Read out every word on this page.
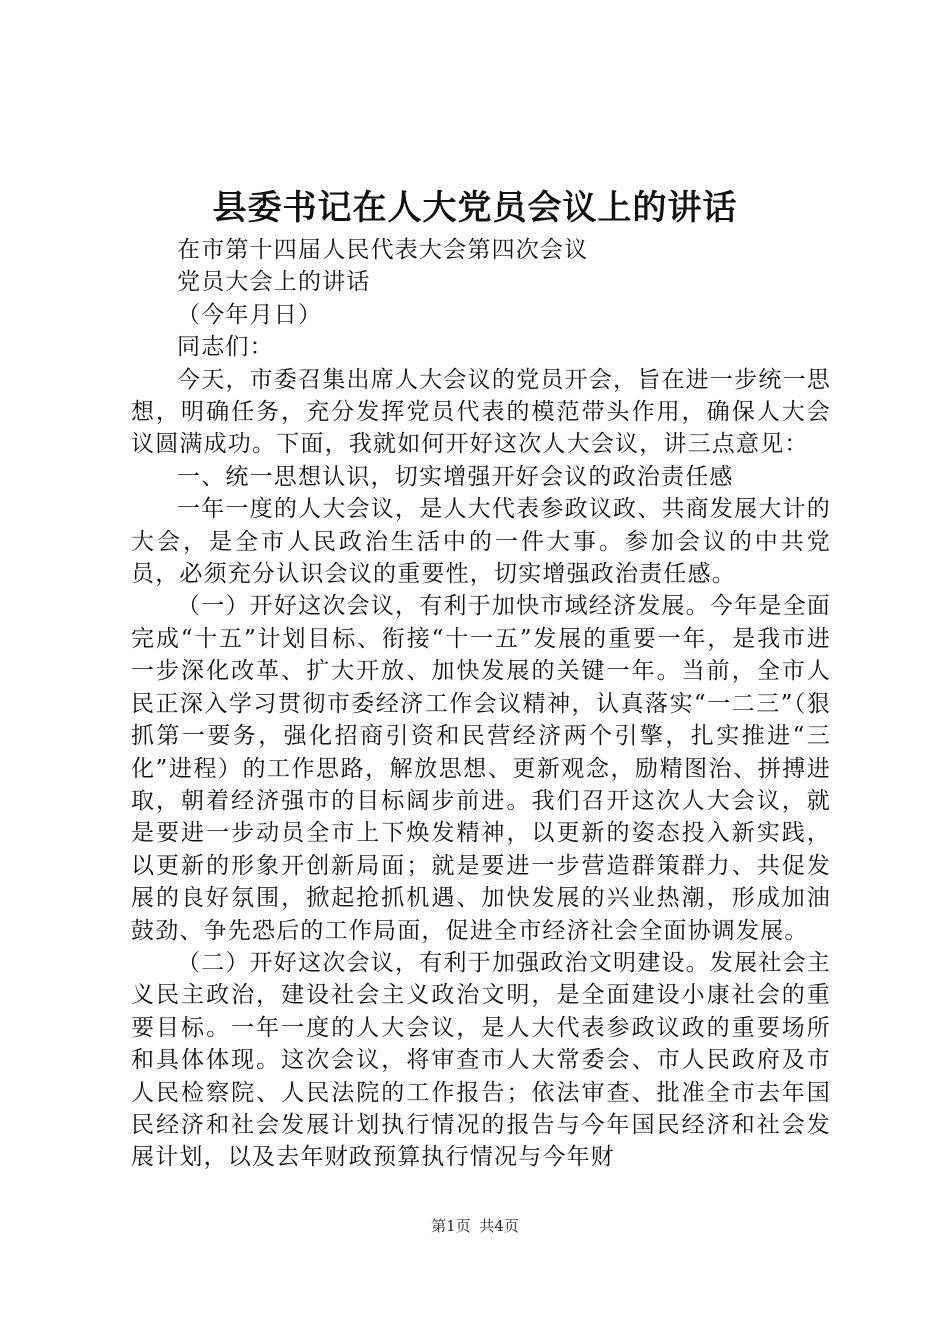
县委书记在人大党员会议上的讲话

在市第十四届人民代表大会第四次会议

党员大会上的讲话

（今年月日）

同志们：

今天，市委召集出席人大会议的党员开会，旨在进一步统一思想，明确任务，充分发挥党员代表的模范带头作用，确保人大会议圆满成功。下面，我就如何开好这次人大会议，讲三点意见：

一、统一思想认识，切实增强开好会议的政治责任感

一年一度的人大会议，是人大代表参政议政、共商发展大计的大会，是全市人民政治生活中的一件大事。参加会议的中共党员，必须充分认识会议的重要性，切实增强政治责任感。

（一）开好这次会议，有利于加快市域经济发展。今年是全面完成“十五”计划目标、衔接“十一五”发展的重要一年，是我市进一步深化改革、扩大开放、加快发展的关键一年。当前，全市人民正深入学习贯彻市委经济工作会议精神，认真落实“一二三”（狠抓第一要务，强化招商引资和民营经济两个引擎，扎实推进“三化”进程）的工作思路，解放思想、更新观念，励精图治、拼搏进取，朝着经济强市的目标阔步前进。我们召开这次人大会议，就是要进一步动员全市上下焕发精神，以更新的姿态投入新实践，以更新的形象开创新局面；就是要进一步营造群策群力、共促发展的良好氛围，掀起抢抓机遇、加快发展的兴业热潮，形成加油鼓劲、争先恐后的工作局面，促进全市经济社会全面协调发展。

（二）开好这次会议，有利于加强政治文明建设。发展社会主义民主政治，建设社会主义政治文明，是全面建设小康社会的重要目标。一年一度的人大会议，是人大代表参政议政的重要场所和具体体现。这次会议，将审查市人大常委会、市人民政府及市人民检察院、人民法院的工作报告；依法审查、批准全市去年国民经济和社会发展计划执行情况的报告与今年国民经济和社会发展计划，以及去年财政预算执行情况与今年财

第1页 共4页
